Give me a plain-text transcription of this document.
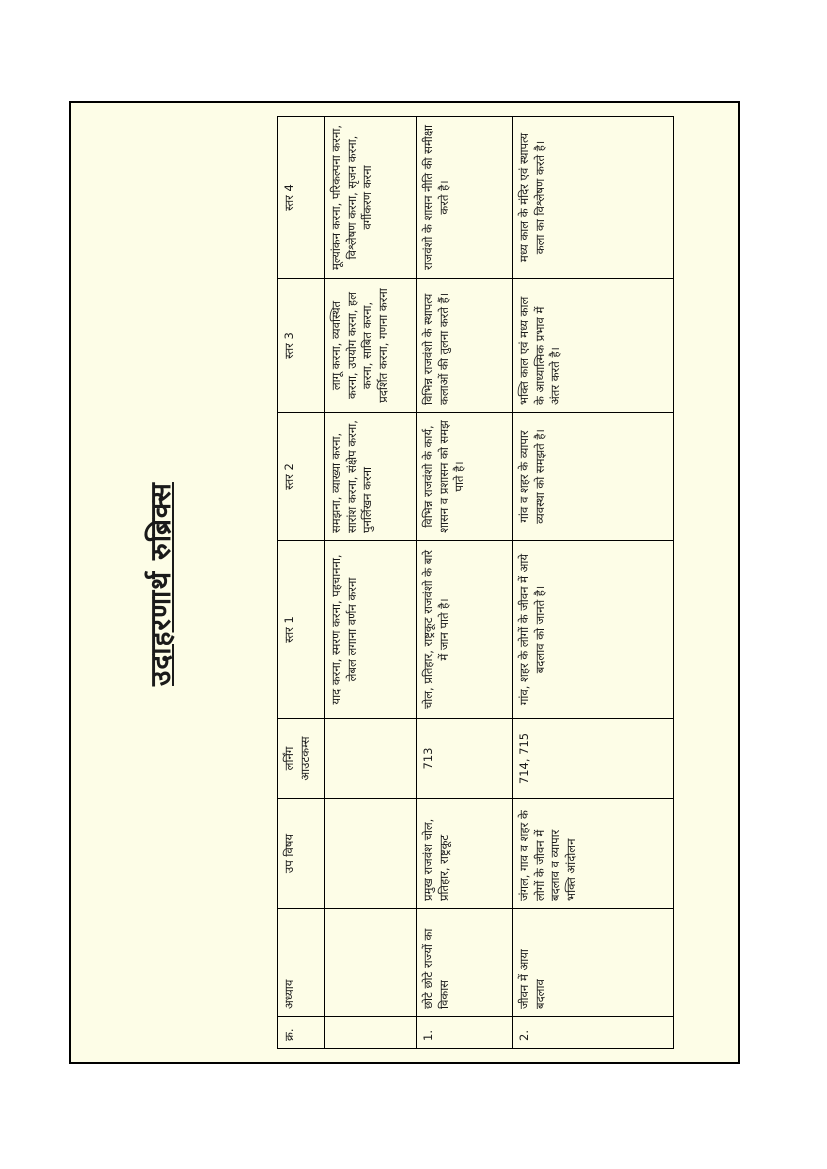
उदाहरणार्थ रुब्रिक्स
क्र.	अध्याय	उप विषय	लर्निंग आउटकम्स	स्तर 1	स्तर 2	स्तर 3	स्तर 4
				याद करना, स्मरण करना, पहचानना, लेबल लगाना वर्णन करना	समझना, व्याख्या करना, सारांश करना, संक्षेप करना, पुनर्लिखन करना	लागू करना, व्यवस्थित करना, उपयोग करना, हल करना, साबित करना, प्रदर्शित करना, गणना करना	मूल्यांकन करना, परिकल्पना करना, विश्लेषण करना, सृजन करना, वर्गीकरण करना
1.	छोटे छोटे राज्यों का विकास	प्रमुख राजवंश चोल, प्रतिहार, राष्ट्रकूट	713	चोल, प्रतिहार, राष्ट्रकूट राजवंशो के बारे में जान पाते है।	विभिन्न राजवंशो के कार्य, शासन व प्रशासन को समझ पाते है।	विभिन्न राजवंशो के स्थापत्य कलाओं की तुलना करते हैं।	राजवंशो के शासन नीति की समीक्षा करते है।
2.	जीवन में आया बदलाव	जंगल, गाव व शहर के लोगों के जीवन में बदलाव व व्यापार भक्ति आंदोलन	714, 715	गांव, शहर के लोगों के जीवन में आये बदलाव को जानते है।	गांव व शहर के व्यापार व्यवस्था को समझते है।	भक्ति काल एवं मध्य काल के आध्यात्मिक प्रभाव में अंतर करते है।	मध्य काल के मंदिर एवं स्थापत्य कला का विश्लेषण करते है।
